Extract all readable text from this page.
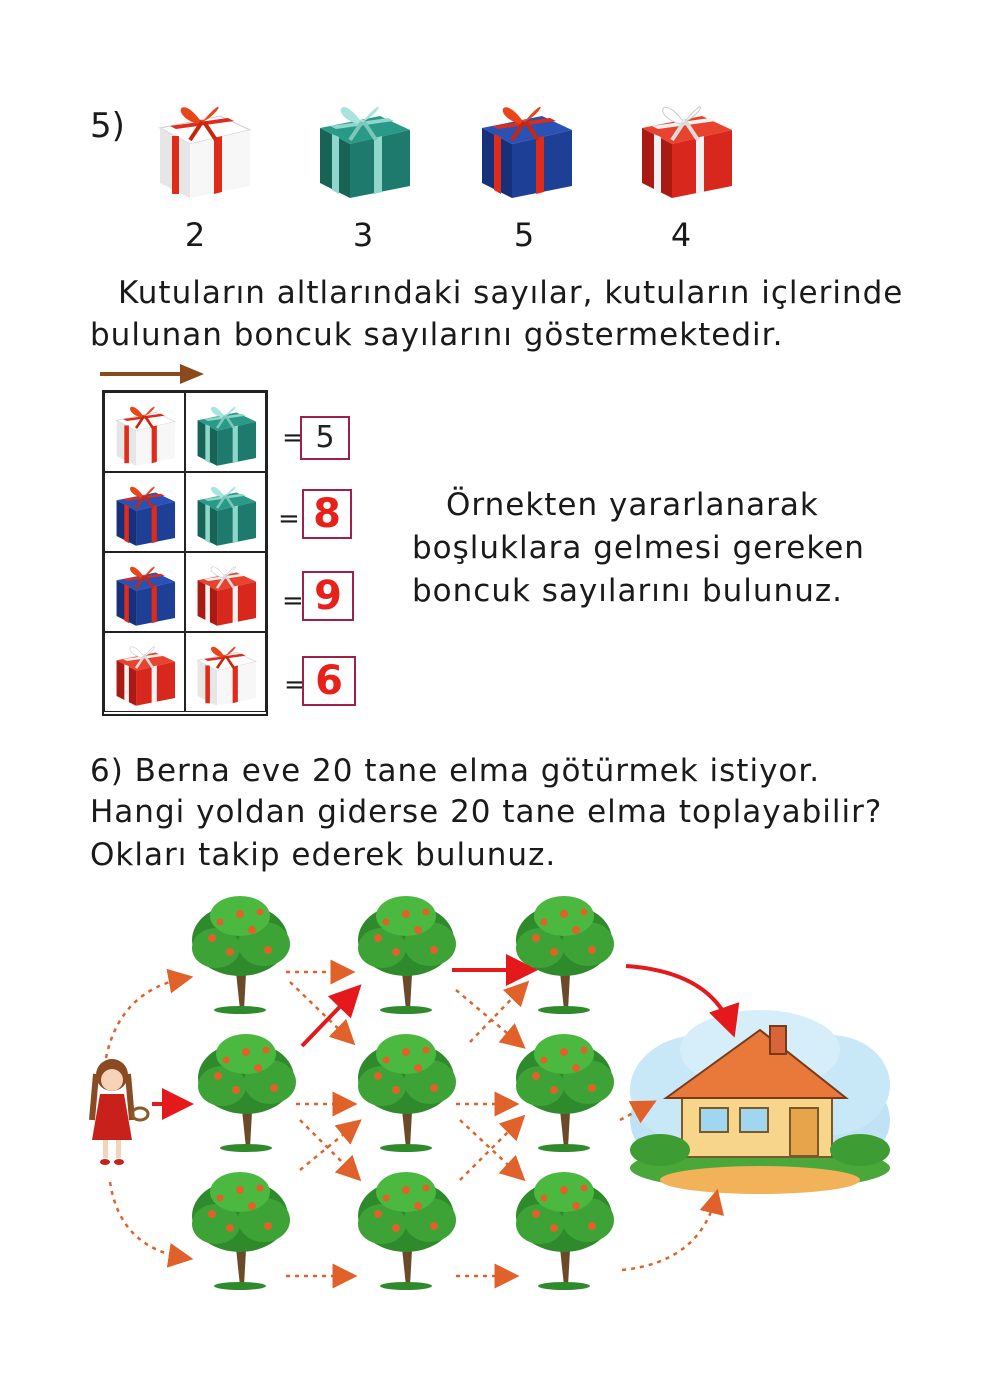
5)
2	3	5	4
Kutuların altlarındaki sayılar, kutuların içlerinde
bulunan boncuk sayılarını göstermektedir.
= 5
= 8
= 9
= 6
Örnekten yararlanarak
boşluklara gelmesi gereken
boncuk sayılarını bulunuz.
6) Berna eve 20 tane elma götürmek istiyor.
Hangi yoldan giderse 20 tane elma toplayabilir?
Okları takip ederek bulunuz.
